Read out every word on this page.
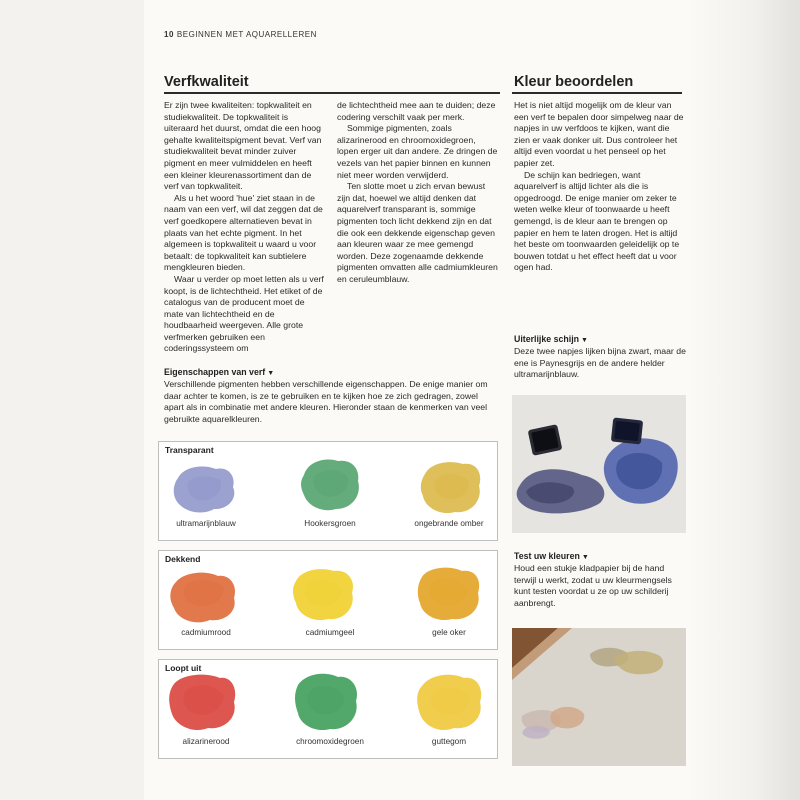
10 BEGINNEN MET AQUARELLEREN
Verfkwaliteit

Er zijn twee kwaliteiten: topkwaliteit en studiekwaliteit. De topkwaliteit is uiteraard het duurst, omdat die een hoog gehalte kwaliteitspigment bevat. Verf van studiekwaliteit bevat minder zuiver pigment en meer vulmiddelen en heeft een kleiner kleurenassortiment dan de verf van topkwaliteit.

Als u het woord 'hue' ziet staan in de naam van een verf, wil dat zeggen dat de verf goedkopere alternatieven bevat in plaats van het echte pigment. In het algemeen is topkwaliteit u waard u voor betaalt: de topkwaliteit kan subtielere mengkleuren bieden.

Waar u verder op moet letten als u verf koopt, is de lichtechtheid. Het etiket of de catalogus van de producent moet de mate van lichtechtheid en de houdbaarheid weergeven. Alle grote verfmerken gebruiken een coderingssysteem om

de lichtechtheid mee aan te duiden; deze codering verschilt vaak per merk.

Sommige pigmenten, zoals alizarinerood en chroomoxidegroen, lopen erger uit dan andere. Ze dringen de vezels van het papier binnen en kunnen niet meer worden verwijderd.

Ten slotte moet u zich ervan bewust zijn dat, hoewel we altijd denken dat aquarelverf transparant is, sommige pigmenten toch licht dekkend zijn en dat die ook een dekkende eigenschap geven aan kleuren waar ze mee gemengd worden. Deze zogenaamde dekkende pigmenten omvatten alle cadmiumkleuren en ceruleumblauw.

Eigenschappen van verf ▼
Verschillende pigmenten hebben verschillende eigenschappen. De enige manier om daar achter te komen, is ze te gebruiken en te kijken hoe ze zich gedragen, zowel apart als in combinatie met andere kleuren. Hieronder staan de kenmerken van veel gebruikte aquarelkleuren.
Transparant
Dekkend
Loopt uit
ultramarijnblauw	Hookersgroen	ongebrande omber
cadmiumrood	cadmiumgeel	gele oker
alizarinerood	chroomoxidegroen	guttegom
Kleur beoordelen

Het is niet altijd mogelijk om de kleur van een verf te bepalen door simpelweg naar de napjes in uw verfdoos te kijken, want die zien er vaak donker uit. Dus controleer het altijd even voordat u het penseel op het papier zet.

De schijn kan bedriegen, want aquarelverf is altijd lichter als die is opgedroogd. De enige manier om zeker te weten welke kleur of toonwaarde u heeft gemengd, is de kleur aan te brengen op papier en hem te laten drogen. Het is altijd het beste om toonwaarden geleidelijk op te bouwen totdat u het effect heeft dat u voor ogen had.

Uiterlijke schijn ▼
Deze twee napjes lijken bijna zwart, maar de ene is Paynesgrijs en de andere helder ultramarijnblauw.
Test uw kleuren ▼
Houd een stukje kladpapier bij de hand terwijl u werkt, zodat u uw kleurmengsels kunt testen voordat u ze op uw schilderij aanbrengt.
